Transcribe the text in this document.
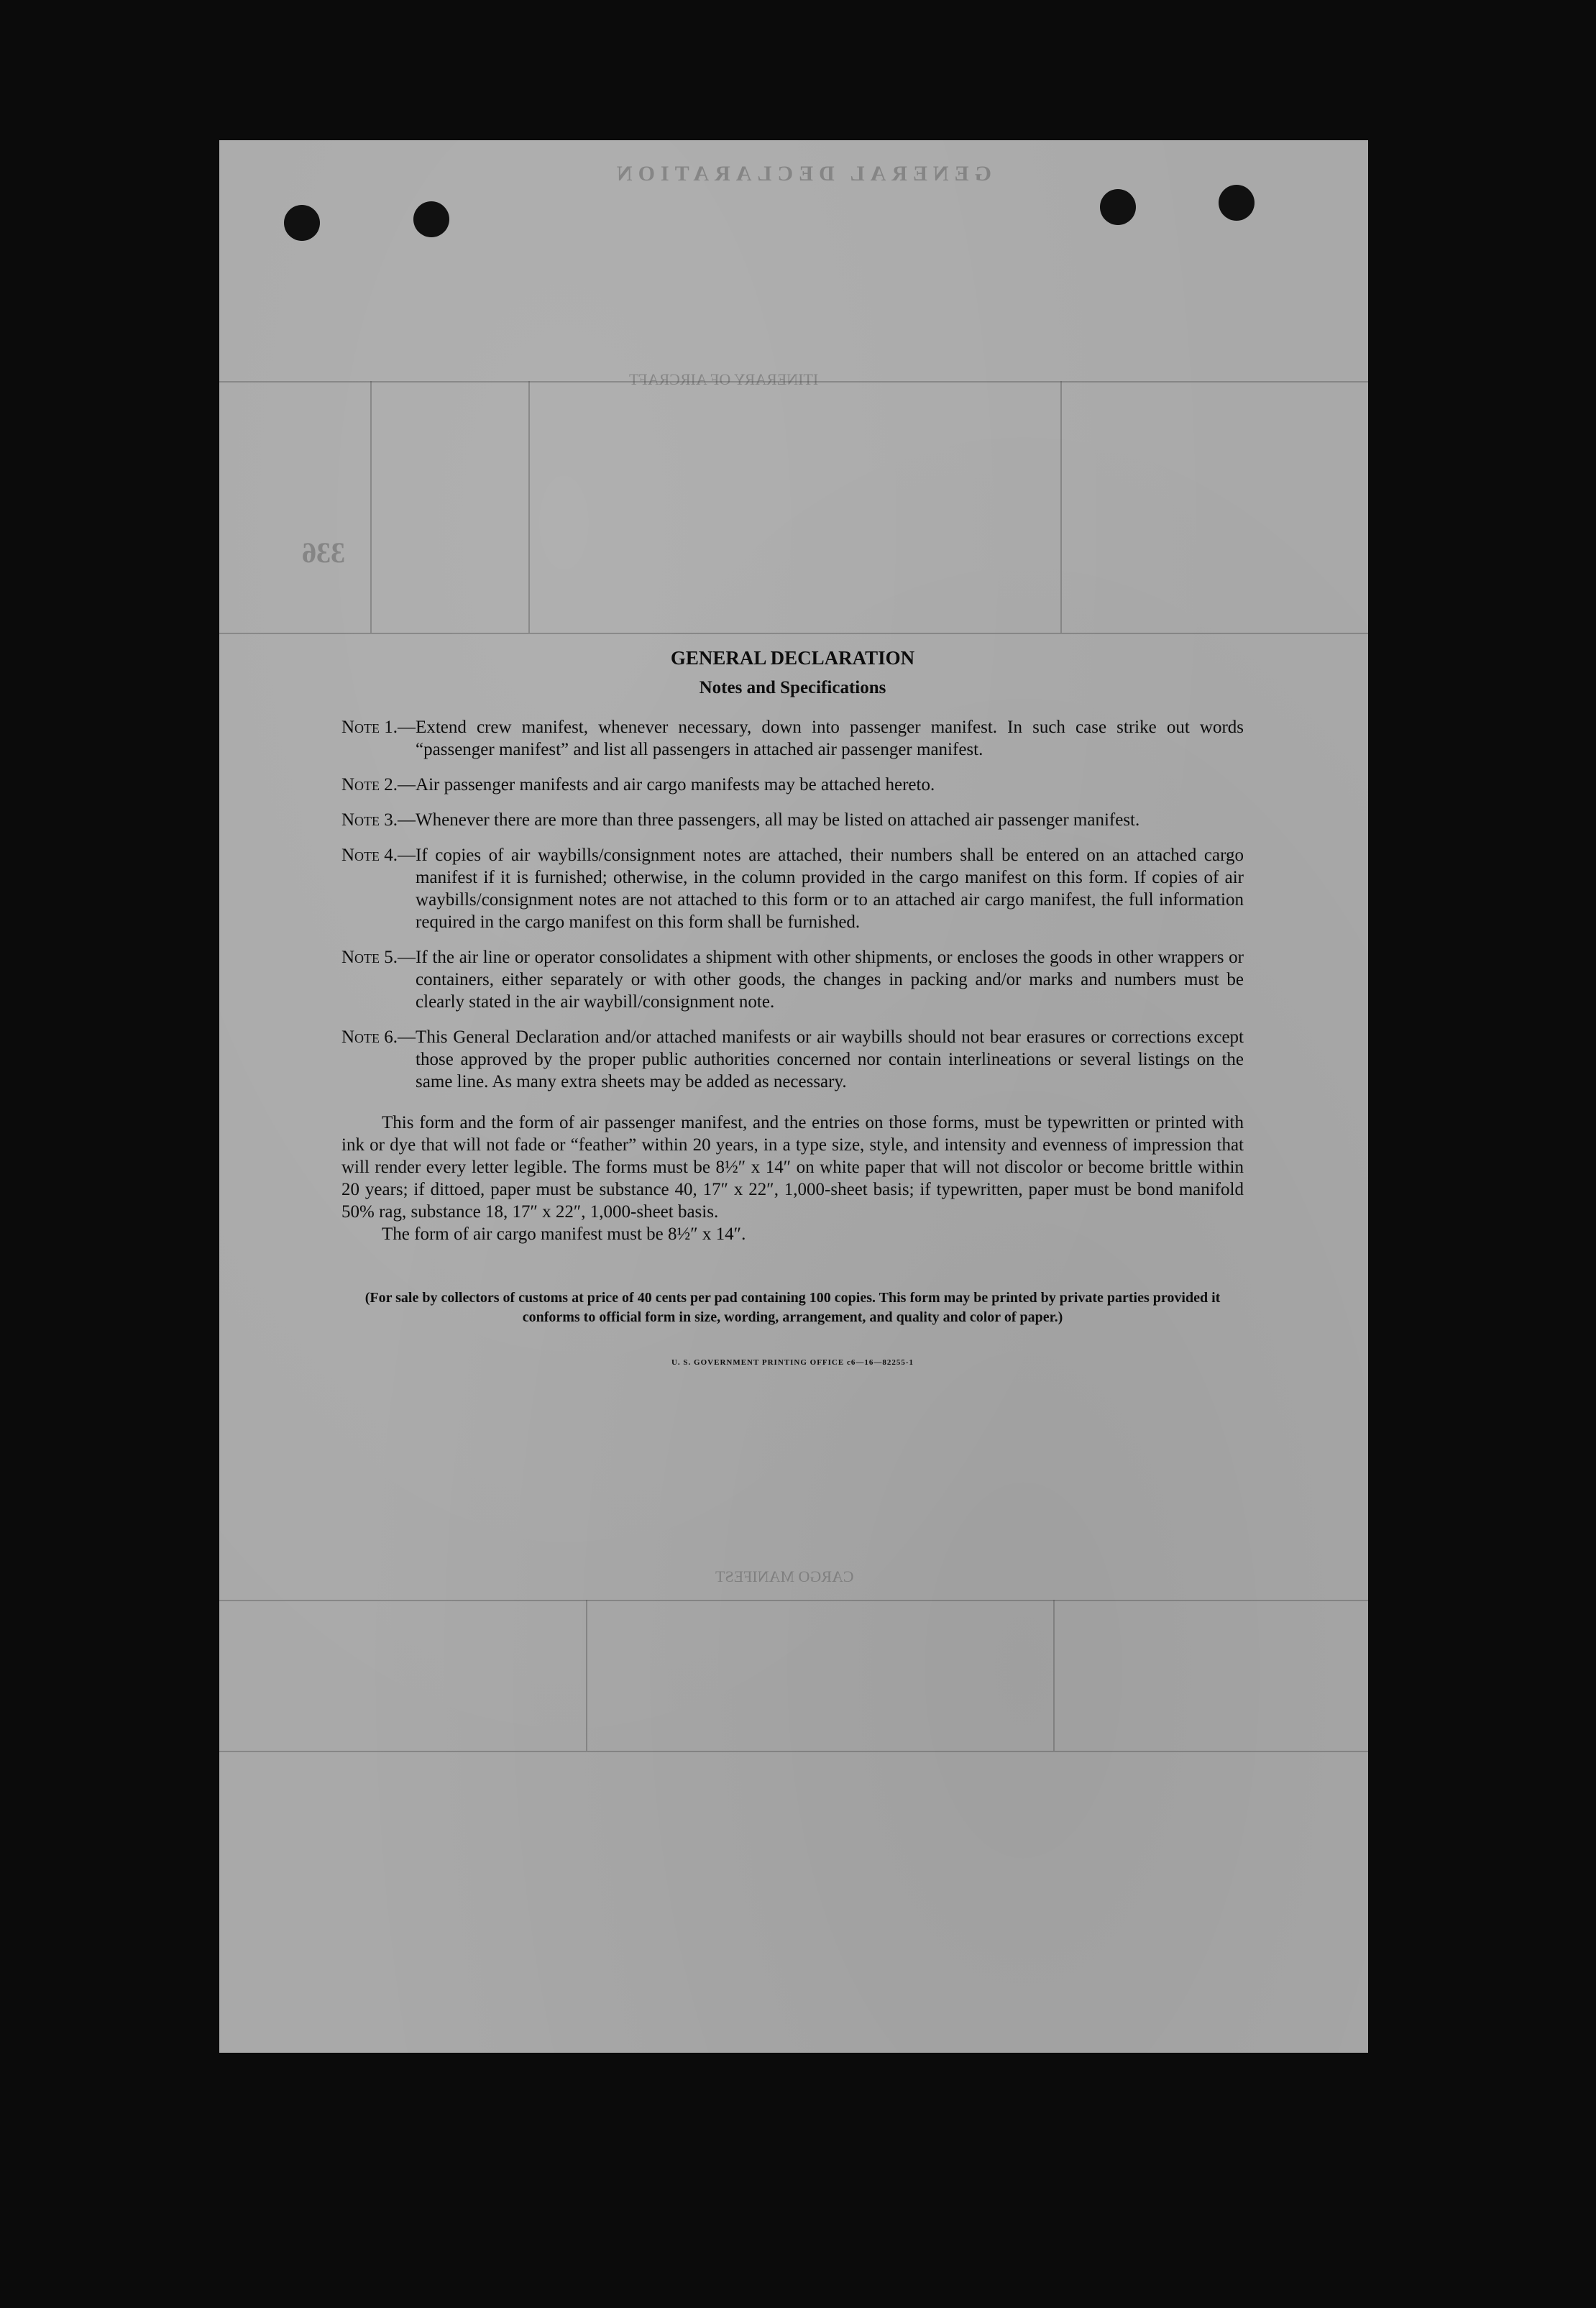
GENERAL DECLARATION
ITINERARY OF AIRCRAFT
336
CARGO MANIFEST
GENERAL DECLARATION
Notes and Specifications
Note 1.— Extend crew manifest, whenever necessary, down into passenger manifest. In such case strike out words “passenger manifest” and list all passengers in attached air passenger manifest.
Note 2.— Air passenger manifests and air cargo manifests may be attached hereto.
Note 3.— Whenever there are more than three passengers, all may be listed on attached air passenger manifest.
Note 4.— If copies of air waybills/consignment notes are attached, their numbers shall be entered on an attached cargo manifest if it is furnished; otherwise, in the column provided in the cargo manifest on this form. If copies of air waybills/consignment notes are not attached to this form or to an attached air cargo manifest, the full information required in the cargo manifest on this form shall be furnished.
Note 5.— If the air line or operator consolidates a shipment with other shipments, or encloses the goods in other wrappers or containers, either separately or with other goods, the changes in packing and/or marks and numbers must be clearly stated in the air waybill/consignment note.
Note 6.— This General Declaration and/or attached manifests or air waybills should not bear erasures or corrections except those approved by the proper public authorities concerned nor contain interlineations or several listings on the same line. As many extra sheets may be added as necessary.
This form and the form of air passenger manifest, and the entries on those forms, must be typewritten or printed with ink or dye that will not fade or “feather” within 20 years, in a type size, style, and intensity and evenness of impression that will render every letter legible. The forms must be 8½″ x 14″ on white paper that will not discolor or become brittle within 20 years; if dittoed, paper must be substance 40, 17″ x 22″, 1,000-sheet basis; if typewritten, paper must be bond manifold 50% rag, substance 18, 17″ x 22″, 1,000-sheet basis.
The form of air cargo manifest must be 8½″ x 14″.
(For sale by collectors of customs at price of 40 cents per pad containing 100 copies. This form may be printed by private parties provided it conforms to official form in size, wording, arrangement, and quality and color of paper.)
U. S. GOVERNMENT PRINTING OFFICE c6—16—82255-1
